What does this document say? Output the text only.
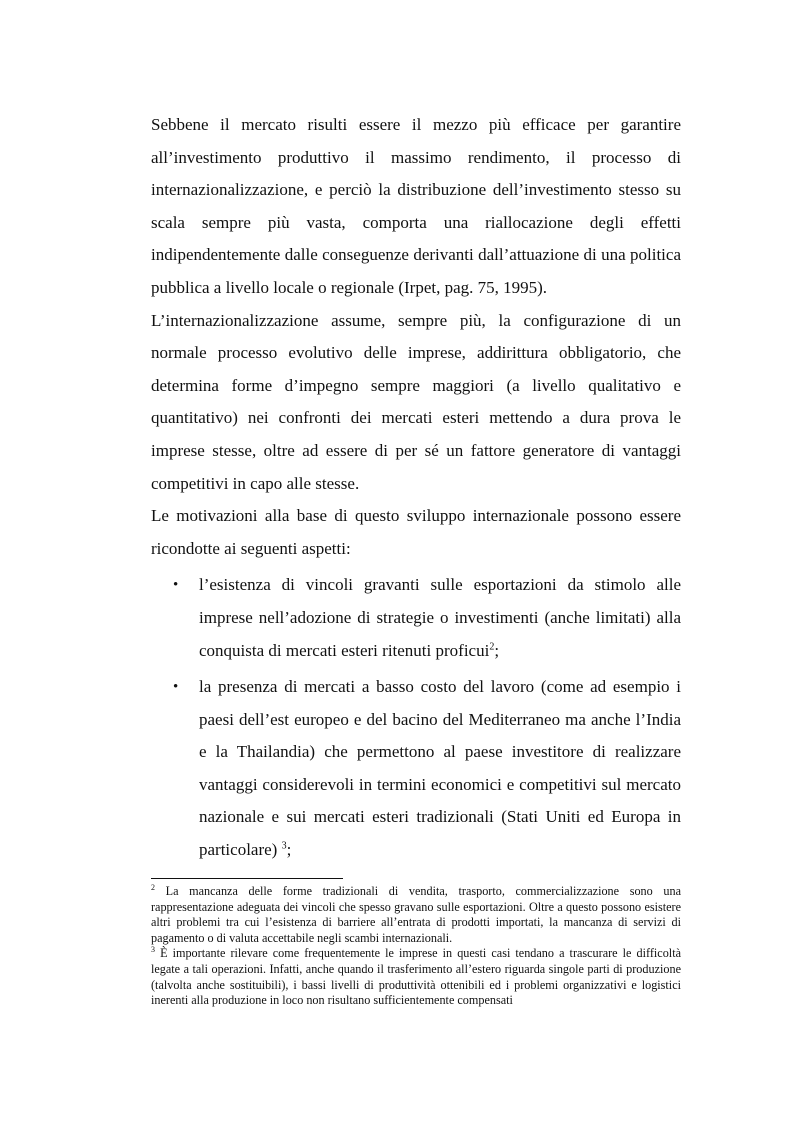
Sebbene il mercato risulti essere il mezzo più efficace per garantire all’investimento produttivo il massimo rendimento, il processo di internazionalizzazione, e perciò la distribuzione dell’investimento stesso su scala sempre più vasta, comporta una riallocazione degli effetti indipendentemente dalle conseguenze derivanti dall’attuazione di una politica pubblica a livello locale o regionale (Irpet, pag. 75, 1995).

L’internazionalizzazione assume, sempre più, la configurazione di un normale processo evolutivo delle imprese, addirittura obbligatorio, che determina forme d’impegno sempre maggiori (a livello qualitativo e quantitativo) nei confronti dei mercati esteri mettendo a dura prova le imprese stesse, oltre ad essere di per sé un fattore generatore di vantaggi competitivi in capo alle stesse.

Le motivazioni alla base di questo sviluppo internazionale possono essere ricondotte ai seguenti aspetti:

• l’esistenza di vincoli gravanti sulle esportazioni da stimolo alle imprese nell’adozione di strategie o investimenti (anche limitati) alla conquista di mercati esteri ritenuti proficui$^2$;
• la presenza di mercati a basso costo del lavoro (come ad esempio i paesi dell’est europeo e del bacino del Mediterraneo ma anche l’India e la Thailandia) che permettono al paese investitore di realizzare vantaggi considerevoli in termini economici e competitivi sul mercato nazionale e sui mercati esteri tradizionali (Stati Uniti ed Europa in particolare) $^3$;

$^2$ La mancanza delle forme tradizionali di vendita, trasporto, commercializzazione sono una rappresentazione adeguata dei vincoli che spesso gravano sulle esportazioni. Oltre a questo possono esistere altri problemi tra cui l’esistenza di barriere all’entrata di prodotti importati, la mancanza di servizi di pagamento o di valuta accettabile negli scambi internazionali.

$^3$ È importante rilevare come frequentemente le imprese in questi casi tendano a trascurare le difficoltà legate a tali operazioni. Infatti, anche quando il trasferimento all’estero riguarda singole parti di produzione (talvolta anche sostituibili), i bassi livelli di produttività ottenibili ed i problemi organizzativi e logistici inerenti alla produzione in loco non risultano sufficientemente compensati
